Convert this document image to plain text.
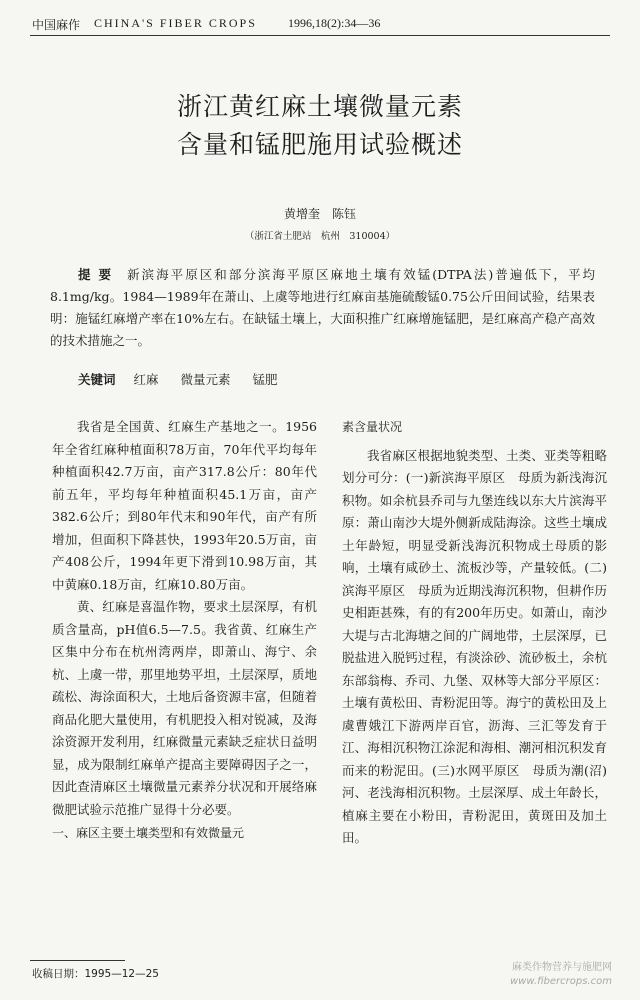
中国麻作 CHINA'S FIBER CROPS	1996,18(2):34—36
浙江黄红麻土壤微量元素
含量和锰肥施用试验概述
黄增奎　陈钰
（浙江省土肥站　杭州　310004）
提要 新滨海平原区和部分滨海平原区麻地土壤有效锰(DTPA法)普遍低下，平均8.1mg/kg。1984—1989年在萧山、上虞等地进行红麻亩基施硫酸锰0.75公斤田间试验，结果表明：施锰红麻增产率在10%左右。在缺锰土壤上，大面积推广红麻增施锰肥，是红麻高产稳产高效的技术措施之一。
关键词 红麻 微量元素 锰肥

我省是全国黄、红麻生产基地之一。1956年全省红麻种植面积78万亩，70年代平均每年种植面积42.7万亩，亩产317.8公斤：80年代前五年，平均每年种植面积45.1万亩，亩产382.6公斤；到80年代末和90年代，亩产有所增加，但面积下降甚快，1993年20.5万亩，亩产408公斤，1994年更下滑到10.98万亩，其中黄麻0.18万亩，红麻10.80万亩。

黄、红麻是喜温作物，要求土层深厚，有机质含量高，pH值6.5—7.5。我省黄、红麻生产区集中分布在杭州湾两岸，即萧山、海宁、余杭、上虞一带，那里地势平坦，土层深厚，质地疏松、海涂面积大，土地后备资源丰富，但随着商品化肥大量使用，有机肥投入相对锐减，及海涂资源开发利用，红麻微量元素缺乏症状日益明显，成为限制红麻单产提高主要障碍因子之一，因此查清麻区土壤微量元素养分状况和开展络麻微肥试验示范推广显得十分必要。

一、麻区主要土壤类型和有效微量元

素含量状况

我省麻区根据地貌类型、土类、亚类等粗略划分可分：(一)新滨海平原区　母质为新浅海沉积物。如余杭县乔司与九堡连线以东大片滨海平原：萧山南沙大堤外侧新成陆海涂。这些土壤成土年龄短，明显受新浅海沉积物成土母质的影响，土壤有咸砂土、流板沙等，产量较低。(二)滨海平原区　母质为近期浅海沉积物，但耕作历史相距甚殊，有的有200年历史。如萧山，南沙大堤与古北海塘之间的广阔地带，土层深厚，已脱盐进入脱钙过程，有淡涂砂、流砂板土，余杭东部翁梅、乔司、九堡、双林等大部分平原区：土壤有黄松田、青粉泥田等。海宁的黄松田及上虞曹娥江下游两岸百官，沥海、三汇等发育于江、海相沉积物江涂泥和海相、潮河相沉积发育而来的粉泥田。(三)水网平原区　母质为潮(沼)河、老浅海相沉积物。土层深厚、成土年龄长，植麻主要在小粉田，青粉泥田，黄斑田及加土田。

收稿日期：1995—12—25
麻类作物营养与施肥网
www.fibercrops.com
